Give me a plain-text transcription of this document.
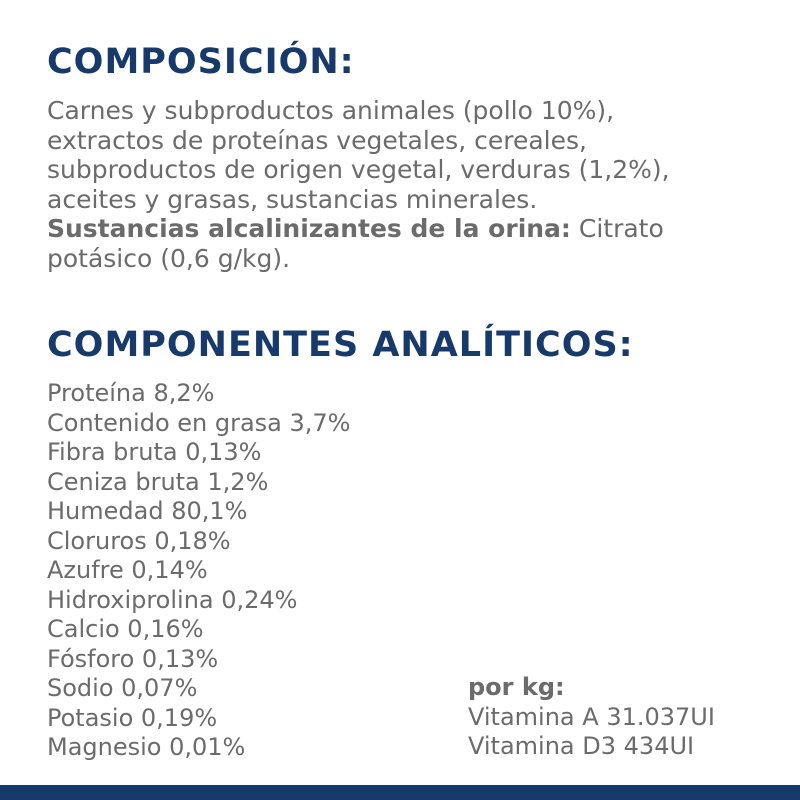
COMPOSICIÓN:
Carnes y subproductos animales (pollo 10%),
extractos de proteínas vegetales, cereales,
subproductos de origen vegetal, verduras (1,2%),
aceites y grasas, sustancias minerales.
Sustancias alcalinizantes de la orina: Citrato
potásico (0,6 g/kg).
COMPONENTES ANALÍTICOS:
Proteína 8,2%
Contenido en grasa 3,7%
Fibra bruta 0,13%
Ceniza bruta 1,2%
Humedad 80,1%
Cloruros 0,18%
Azufre 0,14%
Hidroxiprolina 0,24%
Calcio 0,16%
Fósforo 0,13%
Sodio 0,07%
Potasio 0,19%
Magnesio 0,01%
por kg:
Vitamina A 31.037UI
Vitamina D3 434UI
